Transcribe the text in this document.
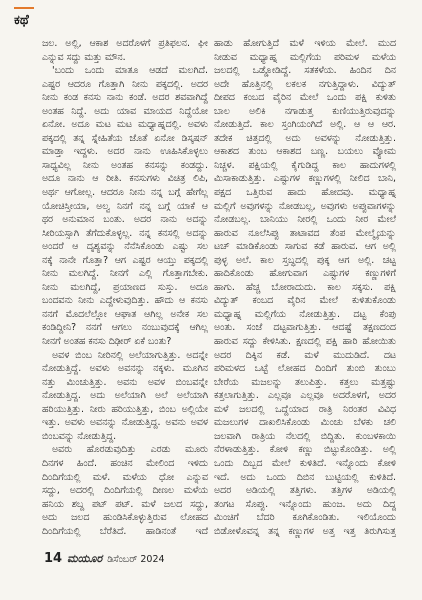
ಕಥೆ
ಜಲ. ಅಲ್ಲಿ, ಆಕಾಶ ಅದರೊಳಗೆ ಪ್ರತಿಫಲನ. ಘೀ
ಎನ್ನುವ ಸದ್ದು ಮತ್ತು ಮೌನ.
'ಬಂದು ಒಂದು ಮಾತೂ ಆಡದೆ ಮಲಗಿದೆ.
ಎಷ್ಟರ ಆದರೂ ಗೊತ್ತಾಗಿ ನೀನು ಪಕ್ಕದಲ್ಲಿ. ಅದರ
ನೀನು ಕಂಡ ಕನಸು ನಾನು ಕಂಡೆ. ಅದರ ಶವವಾಗಿದ್ದೆ
ಅಂತಹ ನಿದ್ದೆ. ಅದು ಯಾವ ಮಾಯದ ನಿದ್ದೆಯೋ
ಏನೋ. ಅದೂ ಮಟ ಮಟ ಮಧ್ಯಾಹ್ನದಲ್ಲಿ. ಅವಳು
ಪಕ್ಕದಲ್ಲಿ ತನ್ನ ಸ್ನೇಹಿತೆಯ ಜೊತೆ ಏನೋ ಡಿಸ್ಕಷನ್
ಮಾಡ್ತಾ ಇದ್ದಳು. ಅದರ ನಾನು ಊಹಿಸಿಕೊಳ್ಳಲು
ಸಾಧ್ಯವಿಲ್ಲ ನೀನು ಅಂತಹ ಕನಸನ್ನು ಕಂಡದ್ದು.
ಅದೂ ನಾನು ಆ ರೀತಿ. ಕನಸುಗಳು ವಿಚಿತ್ರ ಲಿಪಿ,
ಅರ್ಥ ಆಗೋಲ್ಲ. ಆದರೂ ನೀನು ನನ್ನ ಬಗ್ಗೆ ಹೇಗೆಲ್ಲ
ಯೋಚಿಸ್ತೀಯಾ, ಅಲ್ವ ನಿನಗೆ ನನ್ನ ಬಗ್ಗೆ ಯಾಕೆ ಆ
ಥರ ಅನುಮಾನ ಬಂತು. ಅದರ ನಾನು ಅದನ್ನು
ಸೀರಿಯಸ್ಸಾಗಿ ತೆಗೆದುಕೊಳ್ಳಲ್ಲ. ನನ್ನ ಕನಸಲ್ಲಿ ಅದನ್ನು
ಅಂದರೆ ಆ ದೃಶ್ಯವನ್ನು ನೆನೆಸಿಕೊಂಡು ಎಷ್ಟು ಸಲ
ನಕ್ಕೆ ನಾನೇ ಗೊತ್ತಾ? ಆಗ ಎಷ್ಟರ ಆಯ್ತು ಪಕ್ಕದಲ್ಲಿ
ನೀನು ಮಲಗಿದ್ದೆ. ನೀನಗೆ ಎಲ್ಲಿ ಗೊತ್ತಾಗಬೇಕು.
ನೀನು ಮಲಗಿದ್ದೆ, ಪ್ರಯಾಣದ ಸುಸ್ತು. ಅದೂ
ಬಂದವನು ನೀನು ಎದ್ದೇಳುವುದಿತ್ತು. ಹೌದು ಆ ಕನಸು
ನನಗೆ ಮೊದಲೆಲ್ಲೋ ಆಘಾತ ಆಗಿಲ್ಲ ಅನೇಕ ಸಲ
ಕಂಡಿದ್ದೀನಿ? ನನಗೆ ಆಗಲು ನಂಬುವುದಕ್ಕೆ ಆಗಿಲ್ಲ
ನೀನಗೆ ಅಂತಹ ಕನಸು ದಿಢೀರ್ ಏಕೆ ಬಂತು?
ಅವಳ ಬಿಂಬ ನೀರಿನಲ್ಲಿ ಅಲೆಯಾಗುತ್ತಿತ್ತು. ಅದನ್ನೇ
ನೋಡುತ್ತಿದ್ದೆ. ಅವಳು ಅವನನ್ನು ನಕ್ಕಳು. ಮೂಗಿನ
ನತ್ತು ಮಿಂಚುತ್ತಿತ್ತು. ಅವನು ಅವಳ ಬಿಂಬವನ್ನೇ
ನೋಡುತ್ತಿದ್ದ. ಅದು ಅಲೆಯಾಗಿ ಅಲೆ ಅಲೆಯಾಗಿ
ಹರಿಯುತ್ತಿತ್ತು. ನೀರು ಹರಿಯುತ್ತಿತ್ತು, ಬಿಂಬ ಅಲ್ಲಿಯೇ
ಇತ್ತು. ಅವಳು ಅವನನ್ನು ನೋಡುತ್ತಿದ್ದ. ಅವನು ಅವಳ
ಬಿಂಬವನ್ನು ನೋಡುತ್ತಿದ್ದ.
ಅವರು ಹೊರಡುವುದಿತ್ತು ಎರಡು ಮೂರು
ದಿನಗಳ ಹಿಂದೆ. ಹಂಚಿನ ಮೇಲಿಂದ ಇಳಿದು
ದಿಂದಿಗೆಯಲ್ಲಿ ಮಳೆ. ಮಳೆಯ ಧೋ ಎನ್ನುವ
ಸದ್ದು, ಅದರಲ್ಲಿ ದಿಂದಿಗೆಯಲ್ಲಿ ದೀಣಲ ಮಳೆಯ
ಹನಿಯ ಶಬ್ದ ಪಟ್ ಪಟ್. ಮಳೆ ಜಲದ ಸದ್ದು,
ಅದು ಜಲದ ಹುಂಡಿಸಿಕೊಳ್ಳುತ್ತಿರುವ ಲೋಹದ
ದಿಂದಿಗೆಯಲ್ಲಿ ಬೆರೆತಿದೆ. ಹಾಡಿನಂತೆ ಇದೆ
ಹಾಡು ಹೋಗುತ್ತಿದೆ ಮಳೆ ಇಳಿಯ ಮೇಲೆ. ಮುದ
ನೀಡುವ ಮಧ್ಯಾಹ್ನ ಮಲ್ಲಿಗೆಯ ಪರಿಮಳ ಮಳೆಯ
ಜಲದಲ್ಲಿ ಒಡ್ಡೋಡಿದ್ದೆ. ಸತಕಳೆಯ. ಹಿಂದಿನ ದಿನ
ಅದೇ ಹೊತ್ತಿನಲ್ಲಿ ಲಕಲಕ ನಗುತ್ತಿದ್ದಾಳು. ವಿದ್ಯುತ್
ದೀಪದ ಕಂಬದ ವೈರಿನ ಮೇಲೆ ಒಂದು ಪಕ್ಷಿ ಕುಳಿತು
ಬಾಲ ಅಲಿಕಿ ನಗಾಡುತ್ತ ಕುಣಿಯುತ್ತಿರುವುದನ್ನು
ನೋಡುತ್ತಿದೆ. ಕಾಲ ಸ್ತಂಗಿಯಂಗಿದೆ ಅಲ್ಲಿ. ಆ ಆ ಆರ.
ತದೇಕ ಚಿತ್ತದಲ್ಲಿ ಅದು ಅವಳನ್ನು ನೋಡುತ್ತಿತ್ತು.
ಆಕಾಶದ ತುಂಬ ಆಕಾಶದ ಬಣ್ಣ. ಬಯಲು ವ್ಯೋಮ
ನಿಚ್ಚಳ. ಪಕ್ಷಿಯಲ್ಲಿ ಕೈಗುಡಿದ್ದ ಕಾಲ ಹಾದುಗಳಲ್ಲಿ
ಮಿಸಾಕಾಡುತ್ತಿತ್ತು. ಎಷ್ಟುಗಳ ಕಣ್ಣುಗಳಲ್ಲಿ ನೀಲಿದ ಬಾನಿ,
ಪಕ್ಷದ ಒತ್ತಿರುವ ಹಾದು ಹೋದವು. ಮಧ್ಯಾಹ್ನ
ಮಲ್ಲಿಗೆ ಅವುಗಳನ್ನು ನೋಡಬಲ್ಲ, ಅವುಗಳು ಅಪ್ಪುವಾಗಳನ್ನು
ನೋಡಬಲ್ಲ. ಬಾನಿಯು ನೀರಲ್ಲಿ ಒಂದು ನೀರ ಮೇಲೆ
ಹಾರುವ ನೂಲೆಸಿಪ್ಪು ತಾಟಾವದ ತೆಂಪ ಮೇಲ್ಮೈಯನ್ನು
ಟಚ್ ಮಾಡಿಕೊಂಡು ಸಾಗುವ ಕಡೆ ಹಾರುವ. ಆಗ ಅಲ್ಲಿ
ಪುಳ್ಳ ಅಲೆ. ಕಾಲ ಸ್ತಬ್ಧದಲ್ಲಿ ಪುಕ್ಕ ಆಗ ಅಲ್ಲಿ. ಚಟ್ಟ
ಹಾದಿಕೊಂಡು ಹೋಗುವಾಗ ಎಷ್ಟುಗಳ ಕಣ್ಣುಗಳಿಗೆ
ಹಾಗು. ಹೆಚ್ಚ ಬೋರಾದುದು. ಕಾಲ ಸಕ್ಕಸು. ಪಕ್ಷಿ
ವಿದ್ಯುತ್ ಕಂಬದ ವೈರಿನ ಮೇಲೆ ಕುಳಿತುಕೊಂಡು
ಮಧ್ಯಾಹ್ನ ಮಲ್ಲಿಗೆಯ ನೋಡುತ್ತಿತ್ತು. ದಟ್ಟ ಕೆಂಪು
ಅಂತು. ಸಂಜೆ ದಟ್ಟವಾಗುತ್ತಿತ್ತು. ಆದಷ್ಟೆ ತಕ್ಷಣದಂದ
ಹಾರುವ ಸದ್ದು ಕೇಳಿಸಿತು. ಕ್ಷಣದಲ್ಲಿ ಪಕ್ಷಿ ಹಾರಿ ಹೋಯಿತು
ಅದರ ದಿಕ್ಕಿನ ಕಡೆ. ಮಳೆ ಮುದುಡಿದೆ. ದಟ
ಪರಿಮಳದ ಒಟ್ಟೆ ಲೋಹದ ದಿಂದಿಗೆ ತುಂಬಿ ತುಂಬು
ಬೇರೆಯ ಮಜಲನ್ನು ತಲುಪಿತ್ತು. ಕತ್ತಲು ಮತ್ತಷ್ಟು
ಕತ್ತಲಾಗುತ್ತಿತ್ತು. ಎಲ್ಲವೂ ಎಲ್ಲವೂ ಅದರೊಳಗೆ, ಅದರ
ಮಳೆ ಜಲದಲ್ಲಿ ಒದ್ದೆಯಾದ ರಾತ್ರಿ ನಿರಂತರ ವಿವಿಧ
ಮಜಲುಗಳ ದಾಖಲಿಸಿಕೊಂಡು ಮಿಂಚು ಬೆಳಕು ಚಲಿ
ಜಲವಾಗಿ ರಾತ್ರಿಯ ನೆಲದಲ್ಲಿ ಬಿದ್ದಿತು. ಕುಂಬಳಕಾಯಿ
ನೆರಳಾಡುತ್ತಿತ್ತು. ಕೋಳಿ ಕಣ್ಣು ಬಿಟ್ಟುಕೊಂಡಿತ್ತು. ಅಲ್ಲಿ
ಒಂದು ದಿಬ್ಬದ ಮೇಲೆ ಕುಳಿತಿದೆ. ಇನ್ನೊಂದು ಕೋಳಿ
ಇದೆ. ಅದು ಒಂದು ದಿಬಿನ ಬುಟ್ಟಿಯಲ್ಲಿ ಕುಳಿತಿದೆ.
ಅದರ ಅಡಿಯಲ್ಲಿ ತತ್ತಿಗಳು. ತತ್ತಿಗಳ ಅಡಿಯಲ್ಲಿ
ತಂಗಟ ಸೊಪ್ಪು. ಇನ್ನೊಂದು ಹುಂಜ. ಅದು ದಿದ್ದ
ಮಿಂಚಿಗೆ ಬೆದರಿ ಕೂಗಿಕೊಂಡಿತು. ಇಲಿಯೊಂದು
ಬಿಡೋಳೊವನ್ನ ತನ್ನ ಕಣ್ಣುಗಳ ಅತ್ತ ಇತ್ತ ತಿರುಗಿಸುತ್ತ
14 ಮಯೂರ ಡಿಸೆಂಬರ್ 2024
